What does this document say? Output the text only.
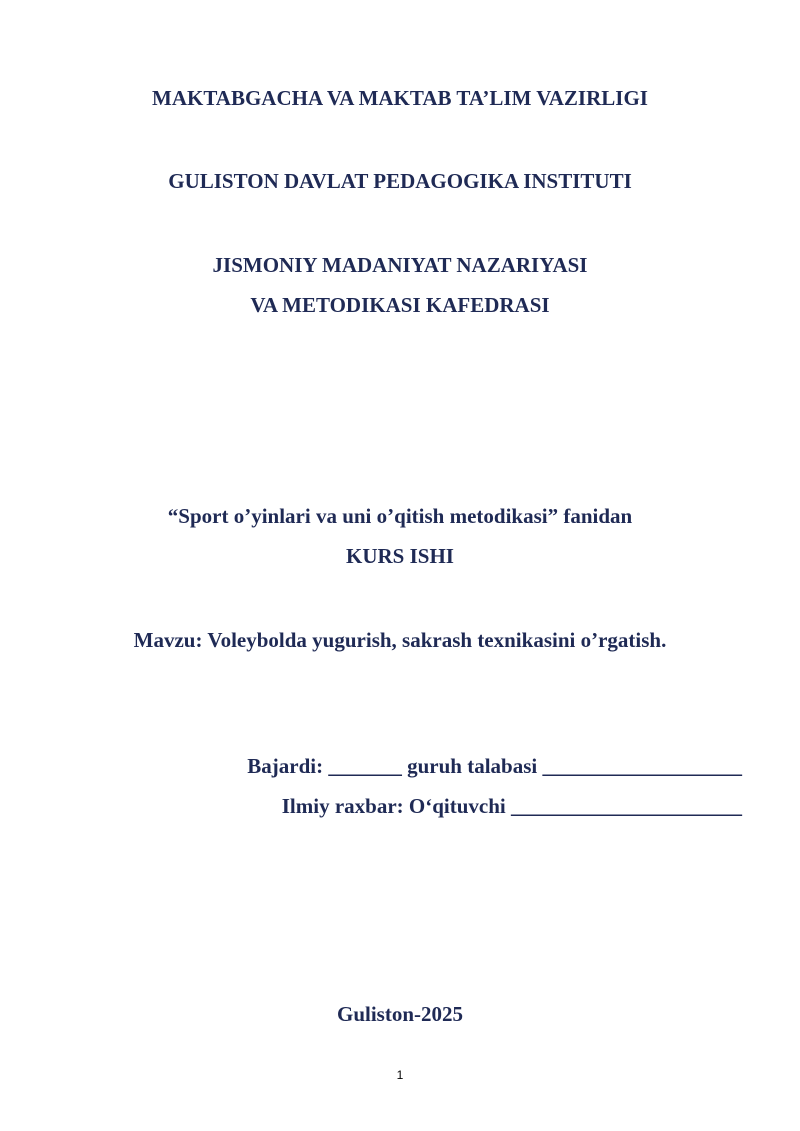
MAKTABGACHA VA MAKTAB TA’LIM VAZIRLIGI
GULISTON DAVLAT PEDAGOGIKA INSTITUTI
JISMONIY MADANIYAT NAZARIYASI
VA METODIKASI KAFEDRASI
“Sport o’yinlari va uni o’qitish metodikasi” fanidan
KURS ISHI
Mavzu: Voleybolda yugurish, sakrash texnikasini o’rgatish.
Bajardi: _______ guruh talabasi ___________________
Ilmiy raxbar: O‘qituvchi ______________________
Guliston-2025
1
